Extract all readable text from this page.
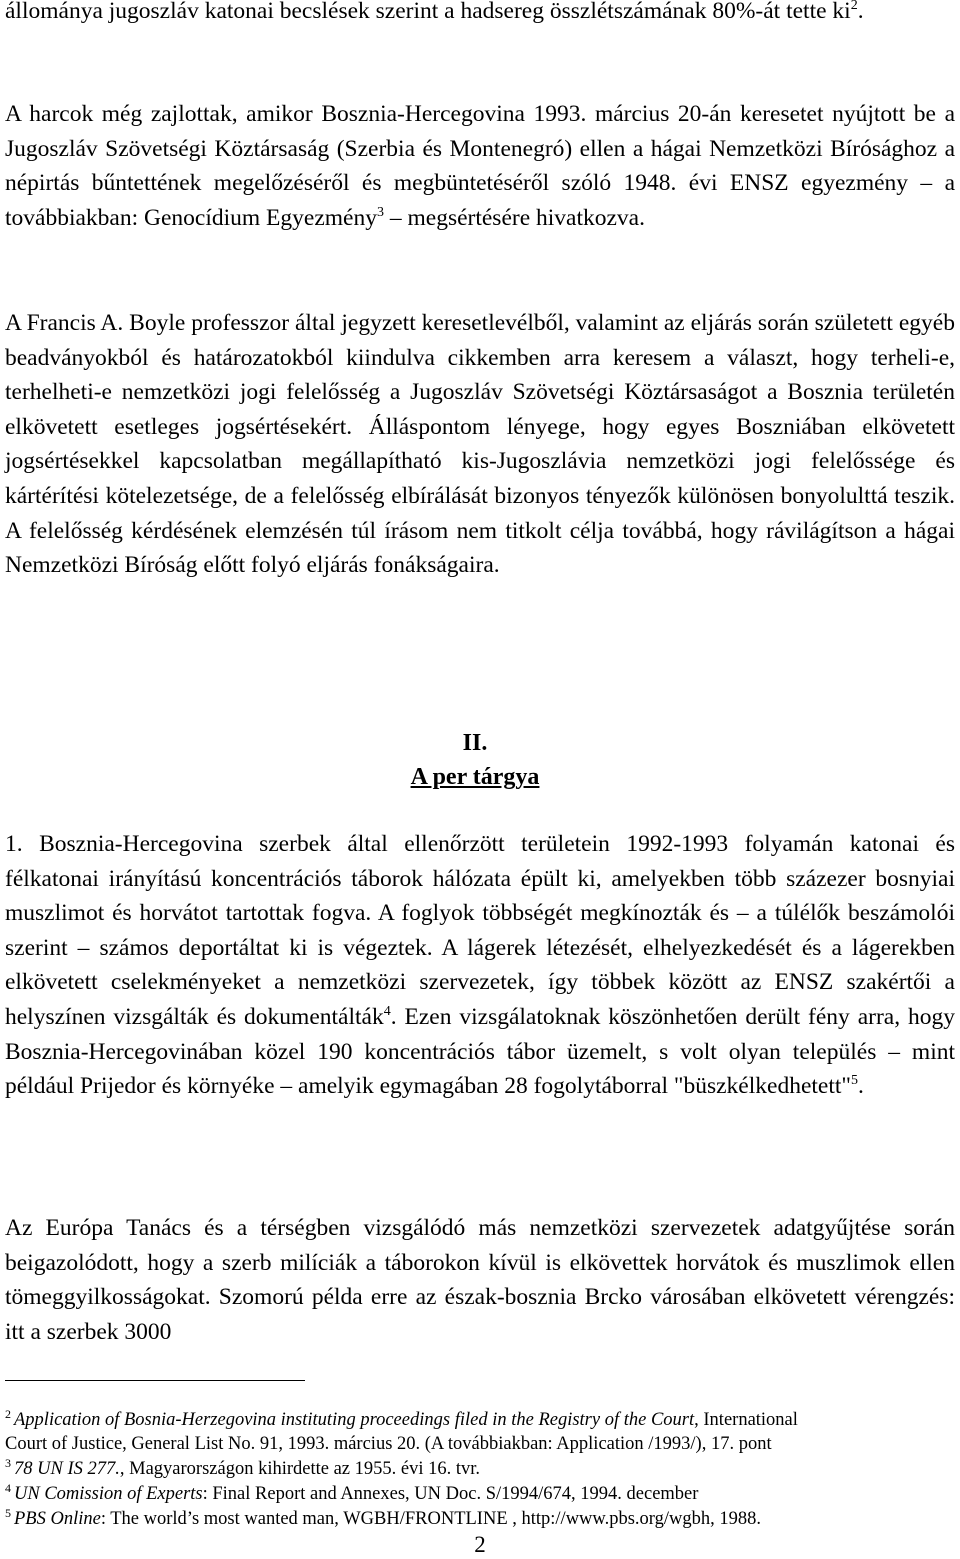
állománya jugoszláv katonai becslések szerint a hadsereg összlétszámának 80%-át tette $ki^2$.

A harcok még zajlottak, amikor Bosznia-Hercegovina 1993. március 20-án keresetet nyújtott be a Jugoszláv Szövetségi Köztársaság (Szerbia és Montenegró) ellen a hágai Nemzetközi Bírósághoz a népirtás bűntettének megelőzéséről és megbüntetéséről szóló 1948. évi ENSZ egyezmény – a továbbiakban: Genocídium Egyezmény$^3$ – megsértésére hivatkozva.

A Francis A. Boyle professzor által jegyzett keresetlevélből, valamint az eljárás során született egyéb beadványokból és határozatokból kiindulva cikkemben arra keresem a választ, hogy terheli-e, terhelheti-e nemzetközi jogi felelősség a Jugoszláv Szövetségi Köztársaságot a Bosznia területén elkövetett esetleges jogsértésekért. Álláspontom lényege, hogy egyes Boszniában elkövetett jogsértésekkel kapcsolatban megállapítható kis-Jugoszlávia nemzetközi jogi felelőssége és kártérítési kötelezetsége, de a felelősség elbírálását bizonyos tényezők különösen bonyolulttá teszik. A felelősség kérdésének elemzésén túl írásom nem titkolt célja továbbá, hogy rávilágítson a hágai Nemzetközi Bíróság előtt folyó eljárás fonákságaira.

II.
A per tárgya

1. Bosznia-Hercegovina szerbek által ellenőrzött területein 1992-1993 folyamán katonai és félkatonai irányítású koncentrációs táborok hálózata épült ki, amelyekben több százezer bosnyiai muszlimot és horvátot tartottak fogva. A foglyok többségét megkínozták és – a túlélők beszámolói szerint – számos deportáltat ki is végeztek. A lágerek létezését, elhelyezkedését és a lágerekben elkövetett cselekményeket a nemzetközi szervezetek, így többek között az ENSZ szakértői a helyszínen vizsgálták és dokumentálták$^4$. Ezen vizsgálatoknak köszönhetően derült fény arra, hogy Bosznia-Hercegovinában közel 190 koncentrációs tábor üzemelt, s volt olyan település – mint például Prijedor és környéke – amelyik egymagában 28 fogolytáborral "büszkélkedhetett"$^5$.

Az Európa Tanács és a térségben vizsgálódó más nemzetközi szervezetek adatgyűjtése során beigazolódott, hogy a szerb milíciák a táborokon kívül is elkövettek horvátok és muszlimok ellen tömeggyilkosságokat. Szomorú példa erre az észak-bosznia Brcko városában elkövetett vérengzés: itt a szerbek 3000

$^2$ Application of Bosnia-Herzegovina instituting proceedings filed in the Registry of the Court, International
Court of Justice, General List No. 91, 1993. március 20. (A továbbiakban: Application /1993/), 17. pont
$^3$ 78 UN IS 277., Magyarországon kihirdette az 1955. évi 16. tvr.
$^4$ UN Comission of Experts: Final Report and Annexes, UN Doc. S/1994/674, 1994. december
$^5$ PBS Online: The world’s most wanted man, WGBH/FRONTLINE , http://www.pbs.org/wgbh, 1988.
2
